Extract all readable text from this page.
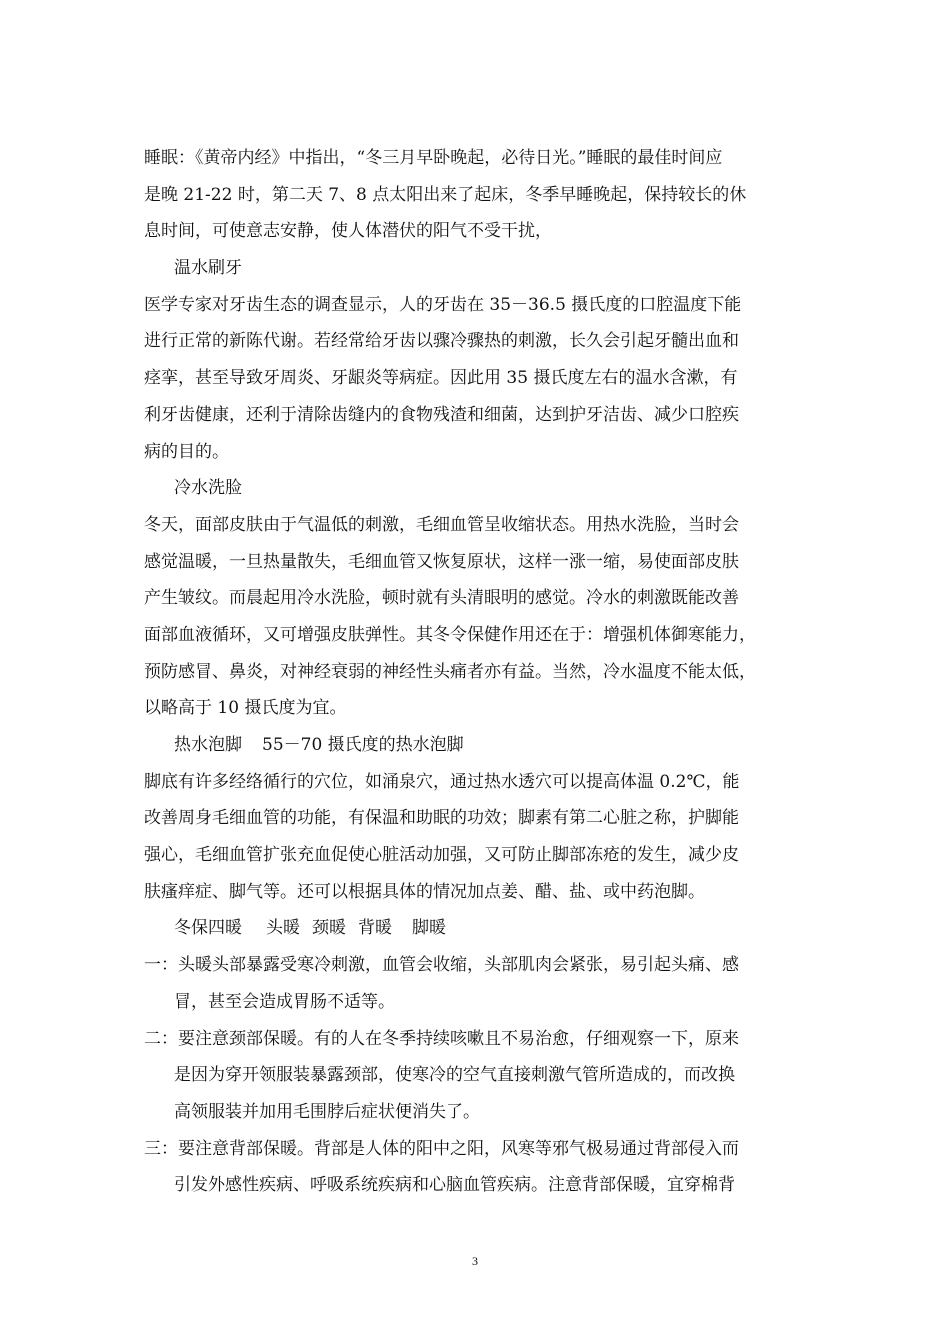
睡眠：《黄帝内经》中指出，“冬三月早卧晚起，必待日光。”睡眠的最佳时间应
是晚 21-22 时，第二天 7、8 点太阳出来了起床，冬季早睡晚起，保持较长的休
息时间，可使意志安静，使人体潜伏的阳气不受干扰，
温水刷牙
医学专家对牙齿生态的调查显示，人的牙齿在 35－36.5 摄氏度的口腔温度下能
进行正常的新陈代谢。若经常给牙齿以骤冷骤热的刺激，长久会引起牙髓出血和
痉挛，甚至导致牙周炎、牙龈炎等病症。因此用 35 摄氏度左右的温水含漱，有
利牙齿健康，还利于清除齿缝内的食物残渣和细菌，达到护牙洁齿、减少口腔疾
病的目的。
冷水洗脸
冬天，面部皮肤由于气温低的刺激，毛细血管呈收缩状态。用热水洗脸，当时会
感觉温暖，一旦热量散失，毛细血管又恢复原状，这样一涨一缩，易使面部皮肤
产生皱纹。而晨起用冷水洗脸，顿时就有头清眼明的感觉。冷水的刺激既能改善
面部血液循环，又可增强皮肤弹性。其冬令保健作用还在于：增强机体御寒能力，
预防感冒、鼻炎，对神经衰弱的神经性头痛者亦有益。当然，冷水温度不能太低，
以略高于 10 摄氏度为宜。
热水泡脚 55－70 摄氏度的热水泡脚
脚底有许多经络循行的穴位，如涌泉穴，通过热水透穴可以提高体温 0.2℃，能
改善周身毛细血管的功能，有保温和助眠的功效；脚素有第二心脏之称，护脚能
强心，毛细血管扩张充血促使心脏活动加强，又可防止脚部冻疮的发生，减少皮
肤瘙痒症、脚气等。还可以根据具体的情况加点姜、醋、盐、或中药泡脚。
冬保四暖 头暖 颈暖 背暖 脚暖
一： 头暖头部暴露受寒冷刺激，血管会收缩，头部肌肉会紧张，易引起头痛、感
冒，甚至会造成胃肠不适等。
二： 要注意颈部保暖。有的人在冬季持续咳嗽且不易治愈，仔细观察一下，原来
是因为穿开领服装暴露颈部，使寒冷的空气直接刺激气管所造成的，而改换
高领服装并加用毛围脖后症状便消失了。
三： 要注意背部保暖。背部是人体的阳中之阳，风寒等邪气极易通过背部侵入而
引发外感性疾病、呼吸系统疾病和心脑血管疾病。注意背部保暖，宜穿棉背
3
